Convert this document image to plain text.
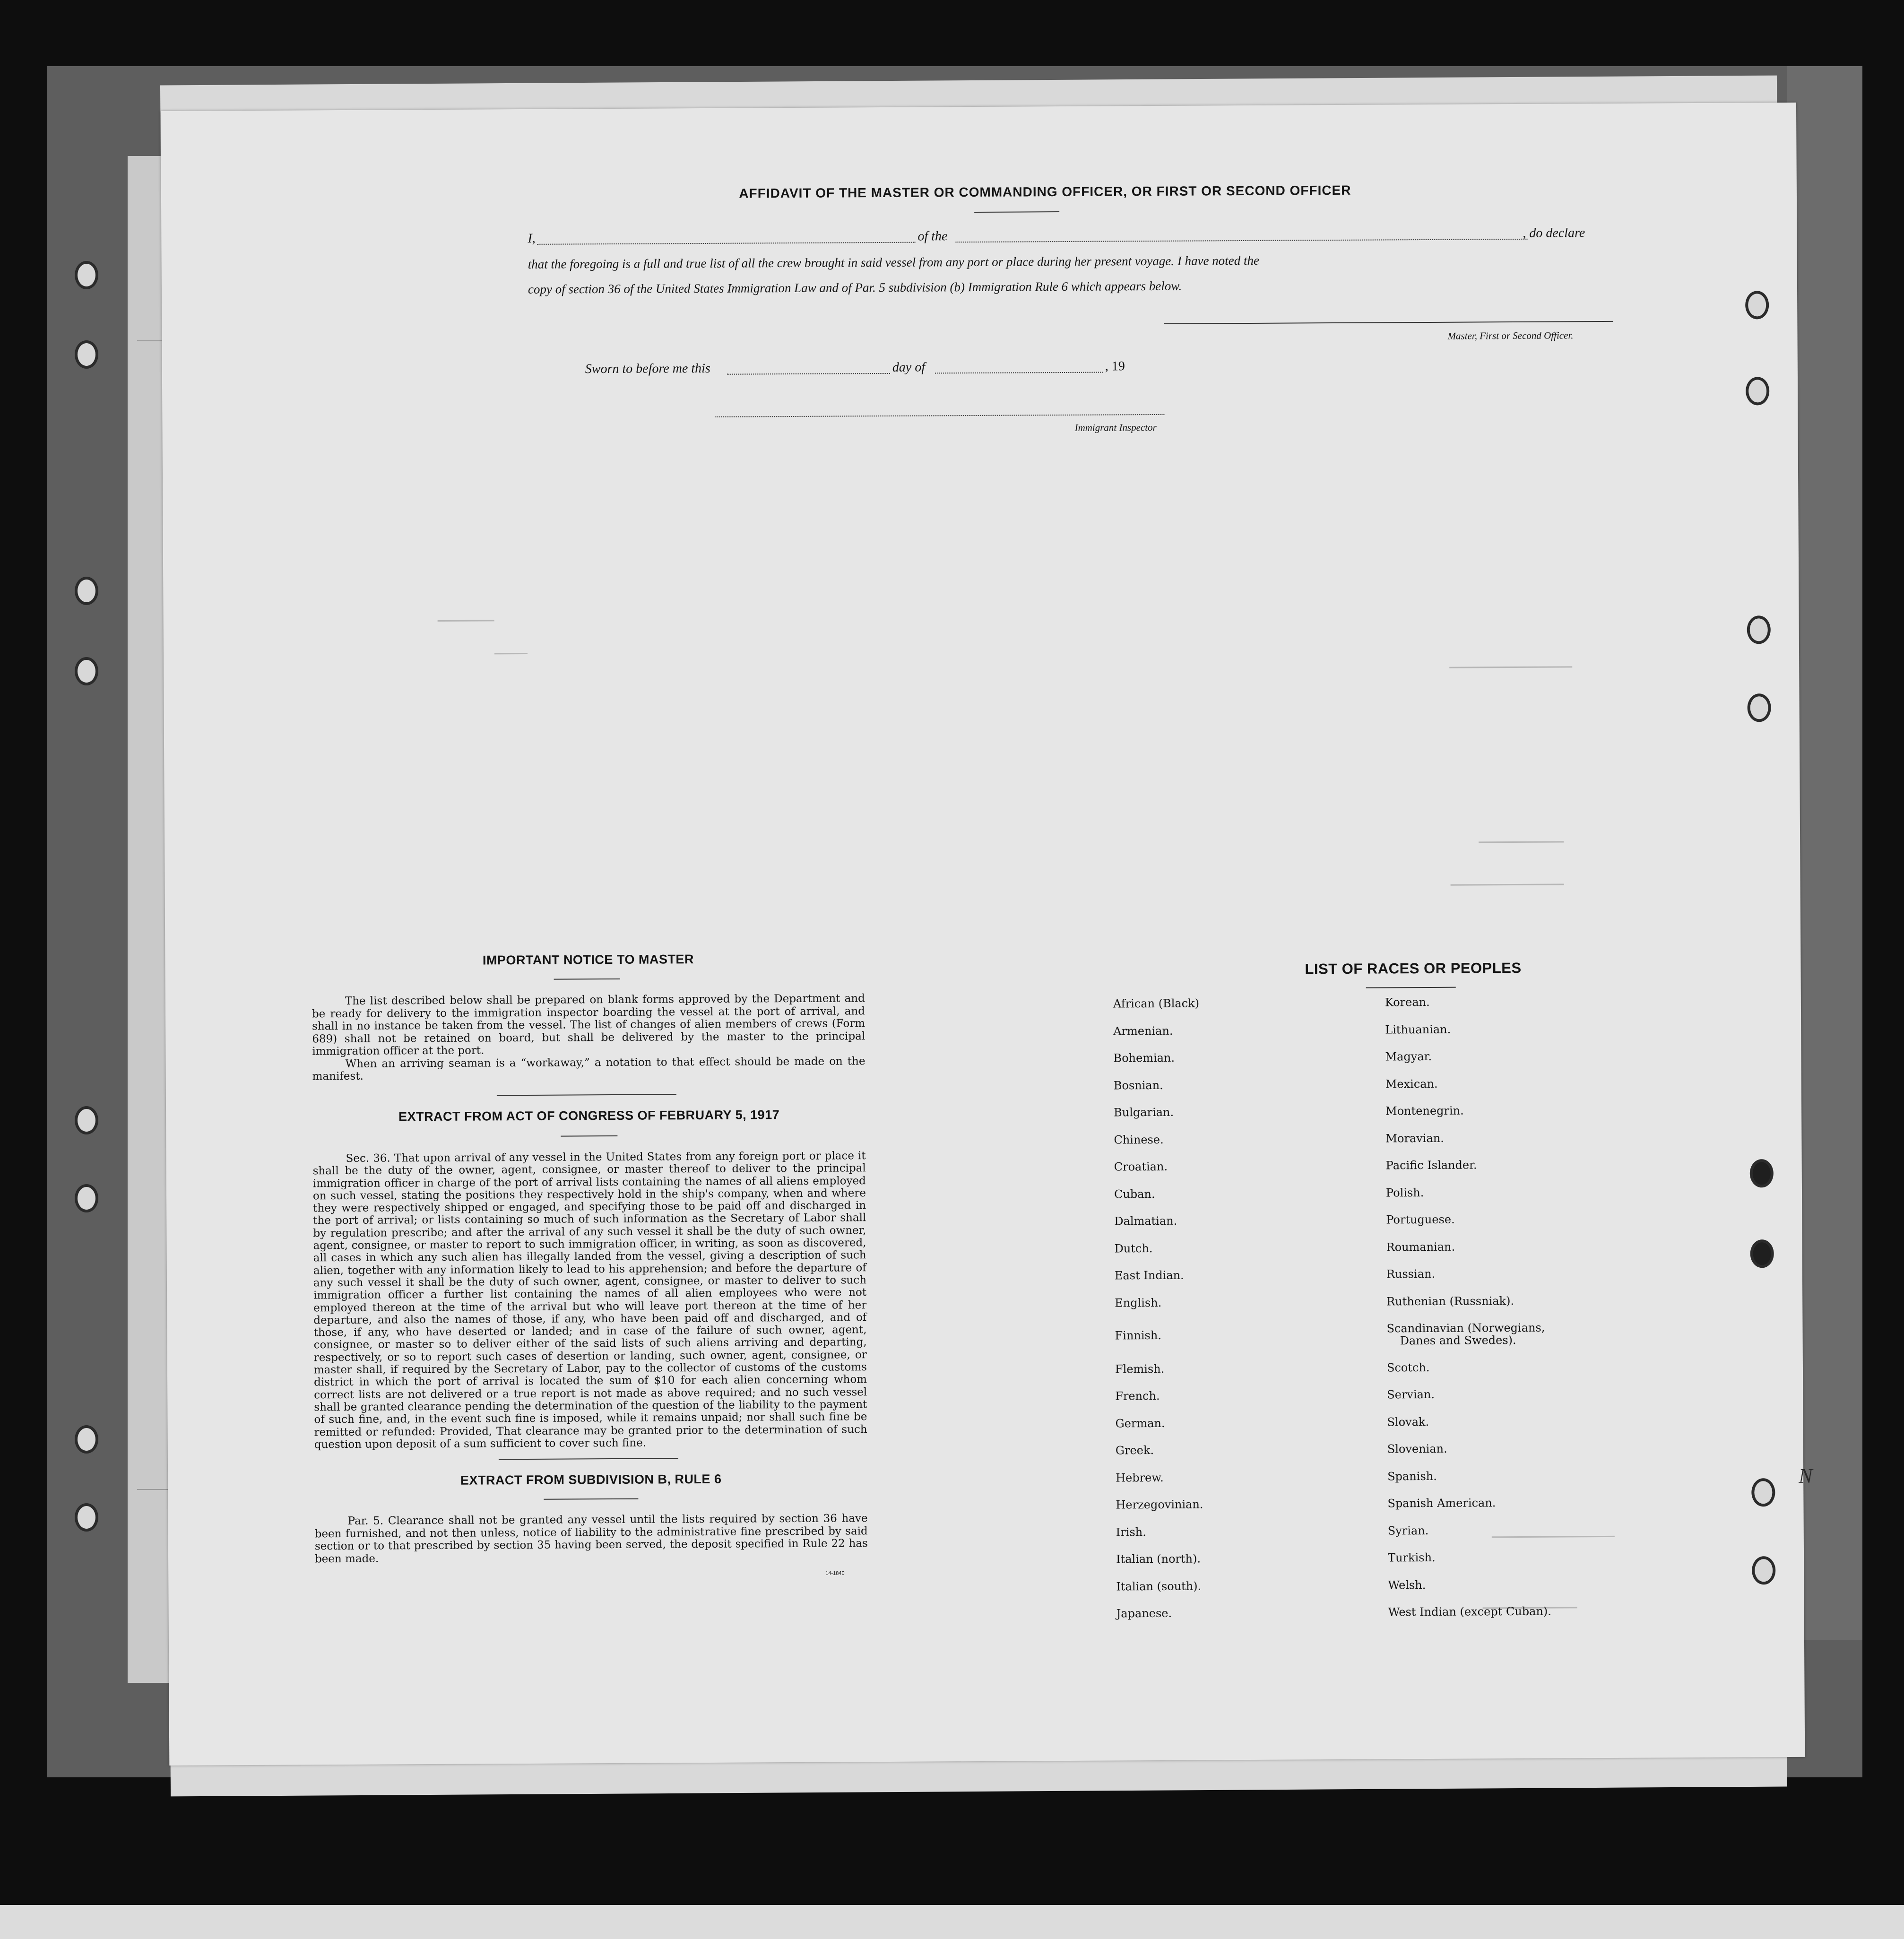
AFFIDAVIT OF THE MASTER OR COMMANDING OFFICER, OR FIRST OR SECOND OFFICER
I,	of the	, do declare
that the foregoing is a full and true list of all the crew brought in said vessel from any port or place during her present voyage. I have noted the
copy of section 36 of the United States Immigration Law and of Par. 5 subdivision (b) Immigration Rule 6 which appears below.
Master, First or Second Officer.
Sworn to before me this	day of	, 19
Immigrant Inspector
IMPORTANT NOTICE TO MASTER

The list described below shall be prepared on blank forms approved by the Department and be ready for delivery to the immigration inspector boarding the vessel at the port of arrival, and shall in no instance be taken from the vessel. The list of changes of alien members of crews (Form 689) shall not be retained on board, but shall be delivered by the master to the principal immigration officer at the port.

When an arriving seaman is a “workaway,” a notation to that effect should be made on the manifest.

EXTRACT FROM ACT OF CONGRESS OF FEBRUARY 5, 1917

Sec. 36. That upon arrival of any vessel in the United States from any foreign port or place it shall be the duty of the owner, agent, consignee, or master thereof to deliver to the principal immigration officer in charge of the port of arrival lists containing the names of all aliens employed on such vessel, stating the positions they respectively hold in the ship's company, when and where they were respectively shipped or engaged, and specifying those to be paid off and discharged in the port of arrival; or lists containing so much of such information as the Secretary of Labor shall by regulation prescribe; and after the arrival of any such vessel it shall be the duty of such owner, agent, consignee, or master to report to such immigration officer, in writing, as soon as discovered, all cases in which any such alien has illegally landed from the vessel, giving a description of such alien, together with any information likely to lead to his apprehension; and before the departure of any such vessel it shall be the duty of such owner, agent, consignee, or master to deliver to such immigration officer a further list containing the names of all alien employees who were not employed thereon at the time of the arrival but who will leave port thereon at the time of her departure, and also the names of those, if any, who have been paid off and discharged, and of those, if any, who have deserted or landed; and in case of the failure of such owner, agent, consignee, or master so to deliver either of the said lists of such aliens arriving and departing, respectively, or so to report such cases of desertion or landing, such owner, agent, consignee, or master shall, if required by the Secretary of Labor, pay to the collector of customs of the customs district in which the port of arrival is located the sum of $10 for each alien concerning whom correct lists are not delivered or a true report is not made as above required; and no such vessel shall be granted clearance pending the determination of the question of the liability to the payment of such fine, and, in the event such fine is imposed, while it remains unpaid; nor shall such fine be remitted or refunded: Provided, That clearance may be granted prior to the determination of such question upon deposit of a sum sufficient to cover such fine.

EXTRACT FROM SUBDIVISION B, RULE 6

Par. 5. Clearance shall not be granted any vessel until the lists required by section 36 have been furnished, and not then unless, notice of liability to the administrative fine prescribed by said section or to that prescribed by section 35 having been served, the deposit specified in Rule 22 has been made.

14-1840
LIST OF RACES OR PEOPLES
African (Black)
Armenian.
Bohemian.
Bosnian.
Bulgarian.
Chinese.
Croatian.
Cuban.
Dalmatian.
Dutch.
East Indian.
English.
Finnish.
Flemish.
French.
German.
Greek.
Hebrew.
Herzegovinian.
Irish.
Italian (north).
Italian (south).
Japanese.
Korean.
Lithuanian.
Magyar.
Mexican.
Montenegrin.
Moravian.
Pacific Islander.
Polish.
Portuguese.
Roumanian.
Russian.
Ruthenian (Russniak).
Scandinavian (Norwegians,
Danes and Swedes).
Scotch.
Servian.
Slovak.
Slovenian.
Spanish.
Spanish American.
Syrian.
Turkish.
Welsh.
West Indian (except Cuban).
N
